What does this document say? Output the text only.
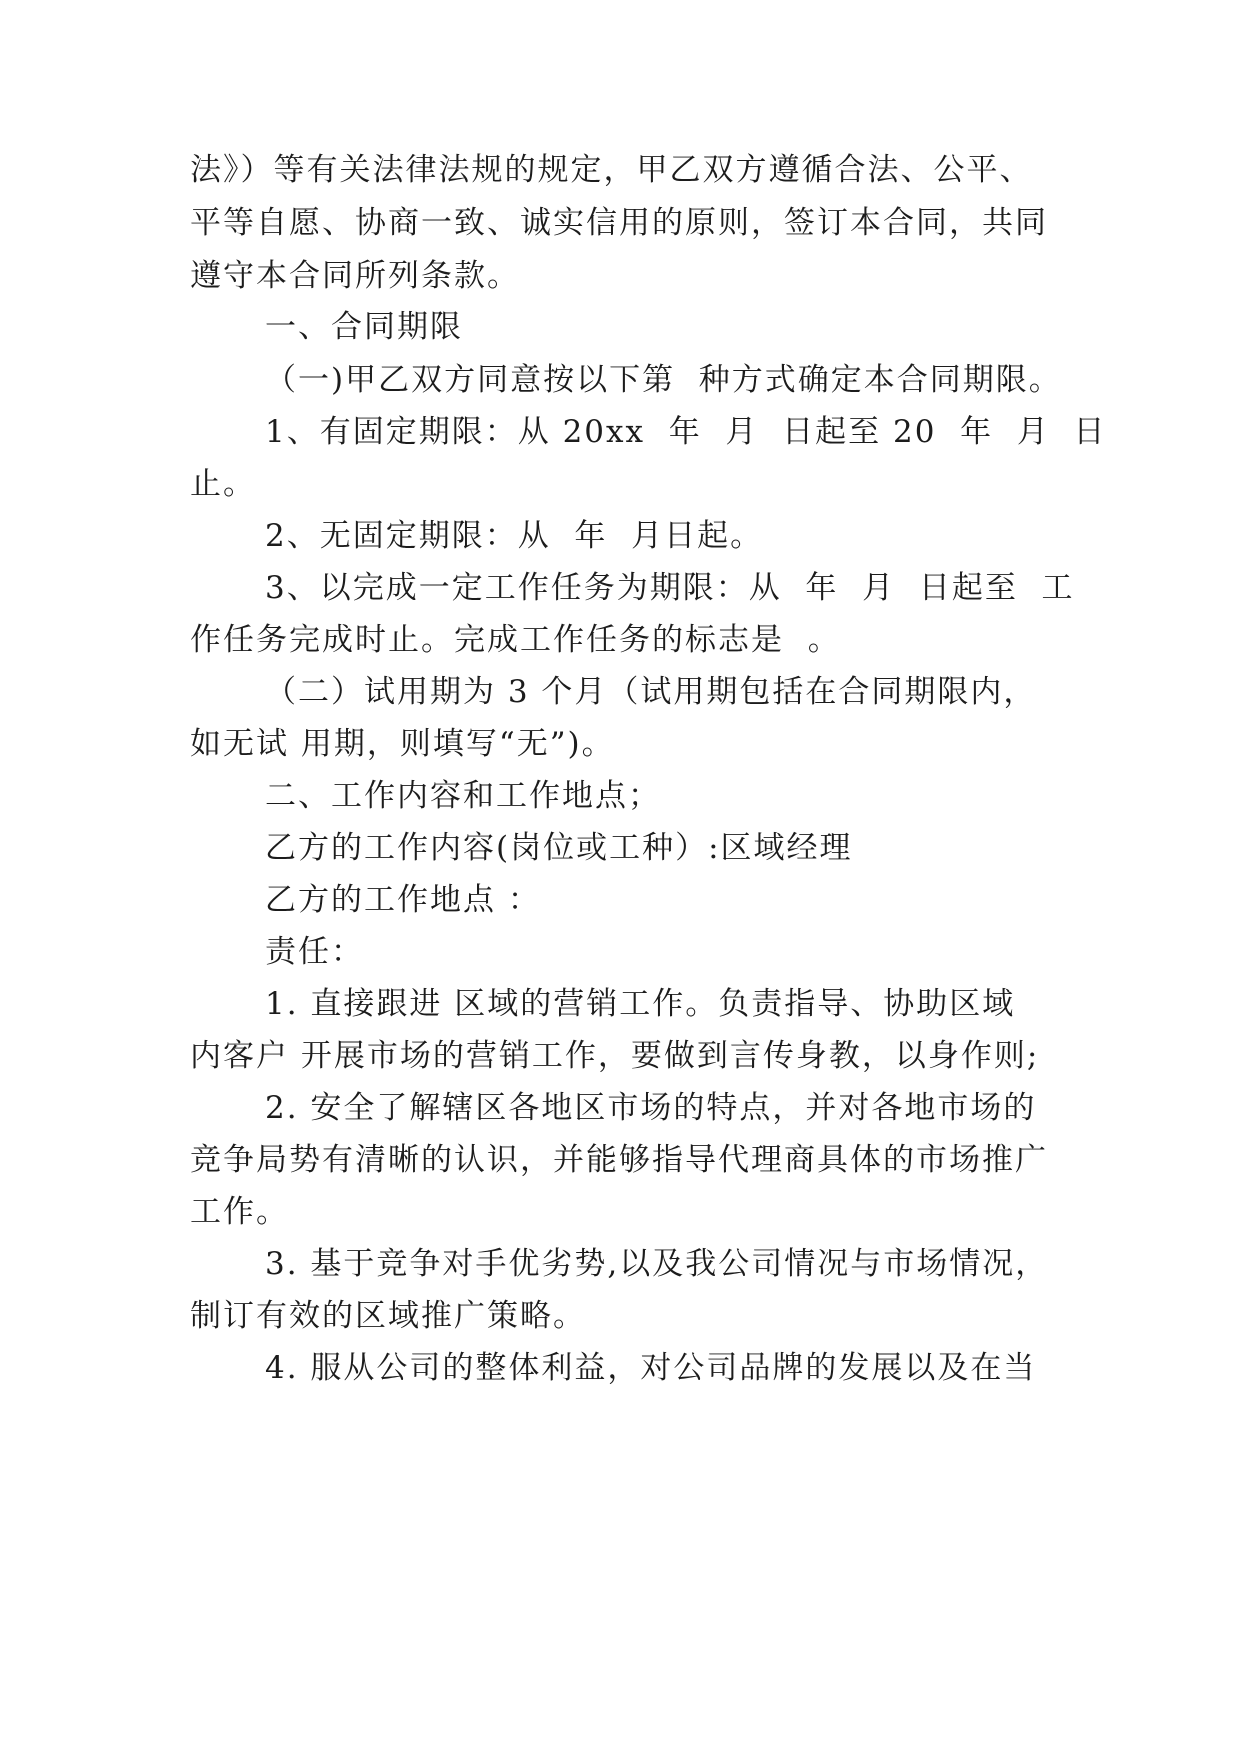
法》）等有关法律法规的规定，甲乙双方遵循合法、公平、
平等自愿、协商一致、诚实信用的原则，签订本合同，共同
遵守本合同所列条款。
一、合同期限
（一)甲乙双方同意按以下第  种方式确定本合同期限。
1、有固定期限：从 20xx  年  月  日起至 20  年  月  日
止。
2、无固定期限：从  年  月日起。
3、以完成一定工作任务为期限：从  年  月  日起至  工
作任务完成时止。完成工作任务的标志是  。
（二）试用期为 3 个月（试用期包括在合同期限内，
如无试 用期，则填写“无”)。
二、工作内容和工作地点；
乙方的工作内容(岗位或工种）:区域经理
乙方的工作地点 ：
责任：
1. 直接跟进 区域的营销工作。负责指导、协助区域
内客户 开展市场的营销工作，要做到言传身教，以身作则;
2. 安全了解辖区各地区市场的特点，并对各地市场的
竞争局势有清晰的认识，并能够指导代理商具体的市场推广
工作。
3. 基于竞争对手优劣势,以及我公司情况与市场情况，
制订有效的区域推广策略。
4. 服从公司的整体利益，对公司品牌的发展以及在当
